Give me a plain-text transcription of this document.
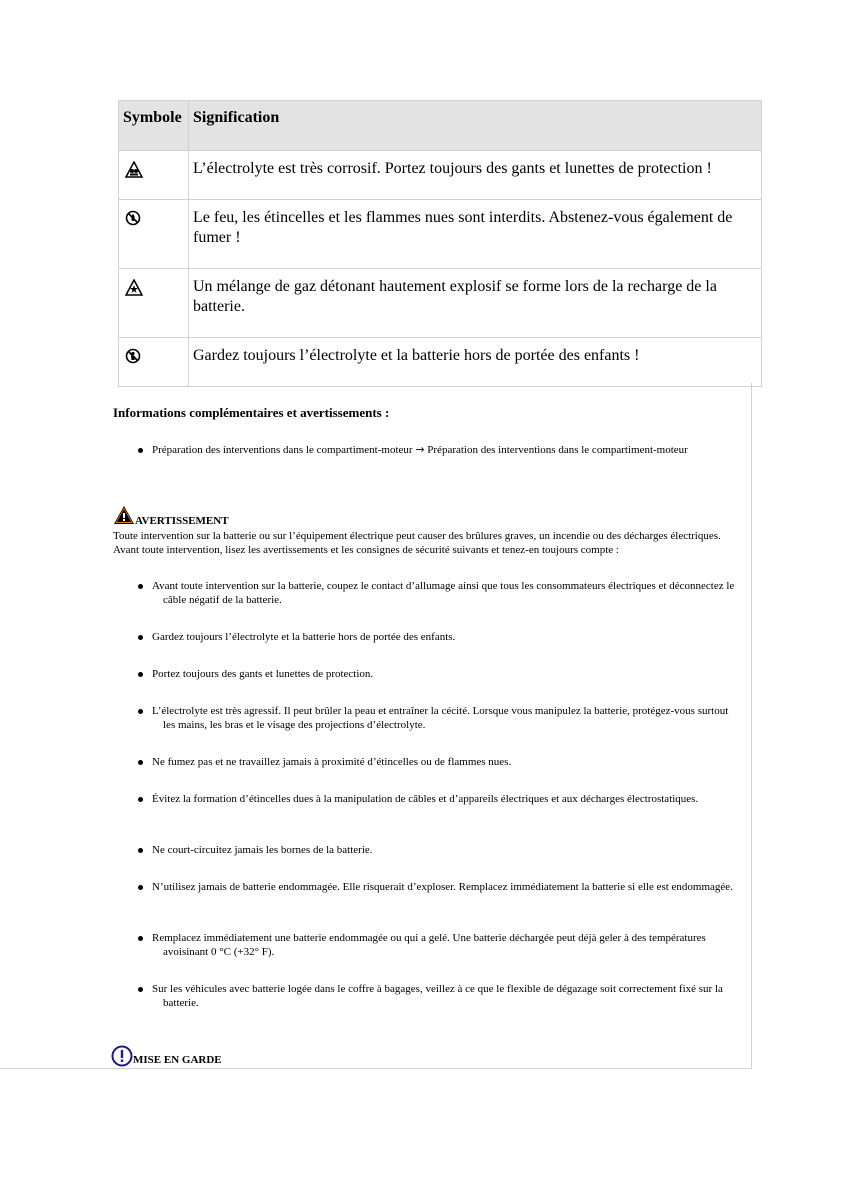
Symbole	Signification
	L’électrolyte est très corrosif. Portez toujours des gants et lunettes de protection !
	Le feu, les étincelles et les flammes nues sont interdits. Abstenez-vous également de fumer !
	Un mélange de gaz détonant hautement explosif se forme lors de la recharge de la batterie.
	Gardez toujours l’électrolyte et la batterie hors de portée des enfants !
Informations complémentaires et avertissements :
Préparation des interventions dans le compartiment-moteur → Préparation des interventions dans le compartiment-moteur
AVERTISSEMENT
Toute intervention sur la batterie ou sur l’équipement électrique peut causer des brûlures graves, un incendie ou des décharges électriques. Avant toute intervention, lisez les avertissements et les consignes de sécurité suivants et tenez-en toujours compte :
Avant toute intervention sur la batterie, coupez le contact d’allumage ainsi que tous les consommateurs électriques et déconnectez le câble négatif de la batterie.
Gardez toujours l’électrolyte et la batterie hors de portée des enfants.
Portez toujours des gants et lunettes de protection.
L’électrolyte est très agressif. Il peut brûler la peau et entraîner la cécité. Lorsque vous manipulez la batterie, protégez-vous surtout les mains, les bras et le visage des projections d’électrolyte.
Ne fumez pas et ne travaillez jamais à proximité d’étincelles ou de flammes nues.
Évitez la formation d’étincelles dues à la manipulation de câbles et d’appareils électriques et aux décharges électrostatiques.
Ne court-circuitez jamais les bornes de la batterie.
N’utilisez jamais de batterie endommagée. Elle risquerait d’exploser. Remplacez immédiatement la batterie si elle est endommagée.
Remplacez immédiatement une batterie endommagée ou qui a gelé. Une batterie déchargée peut déjà geler à des températures avoisinant 0 °C (+32° F).
Sur les véhicules avec batterie logée dans le coffre à bagages, veillez à ce que le flexible de dégazage soit correctement fixé sur la batterie.
MISE EN GARDE
